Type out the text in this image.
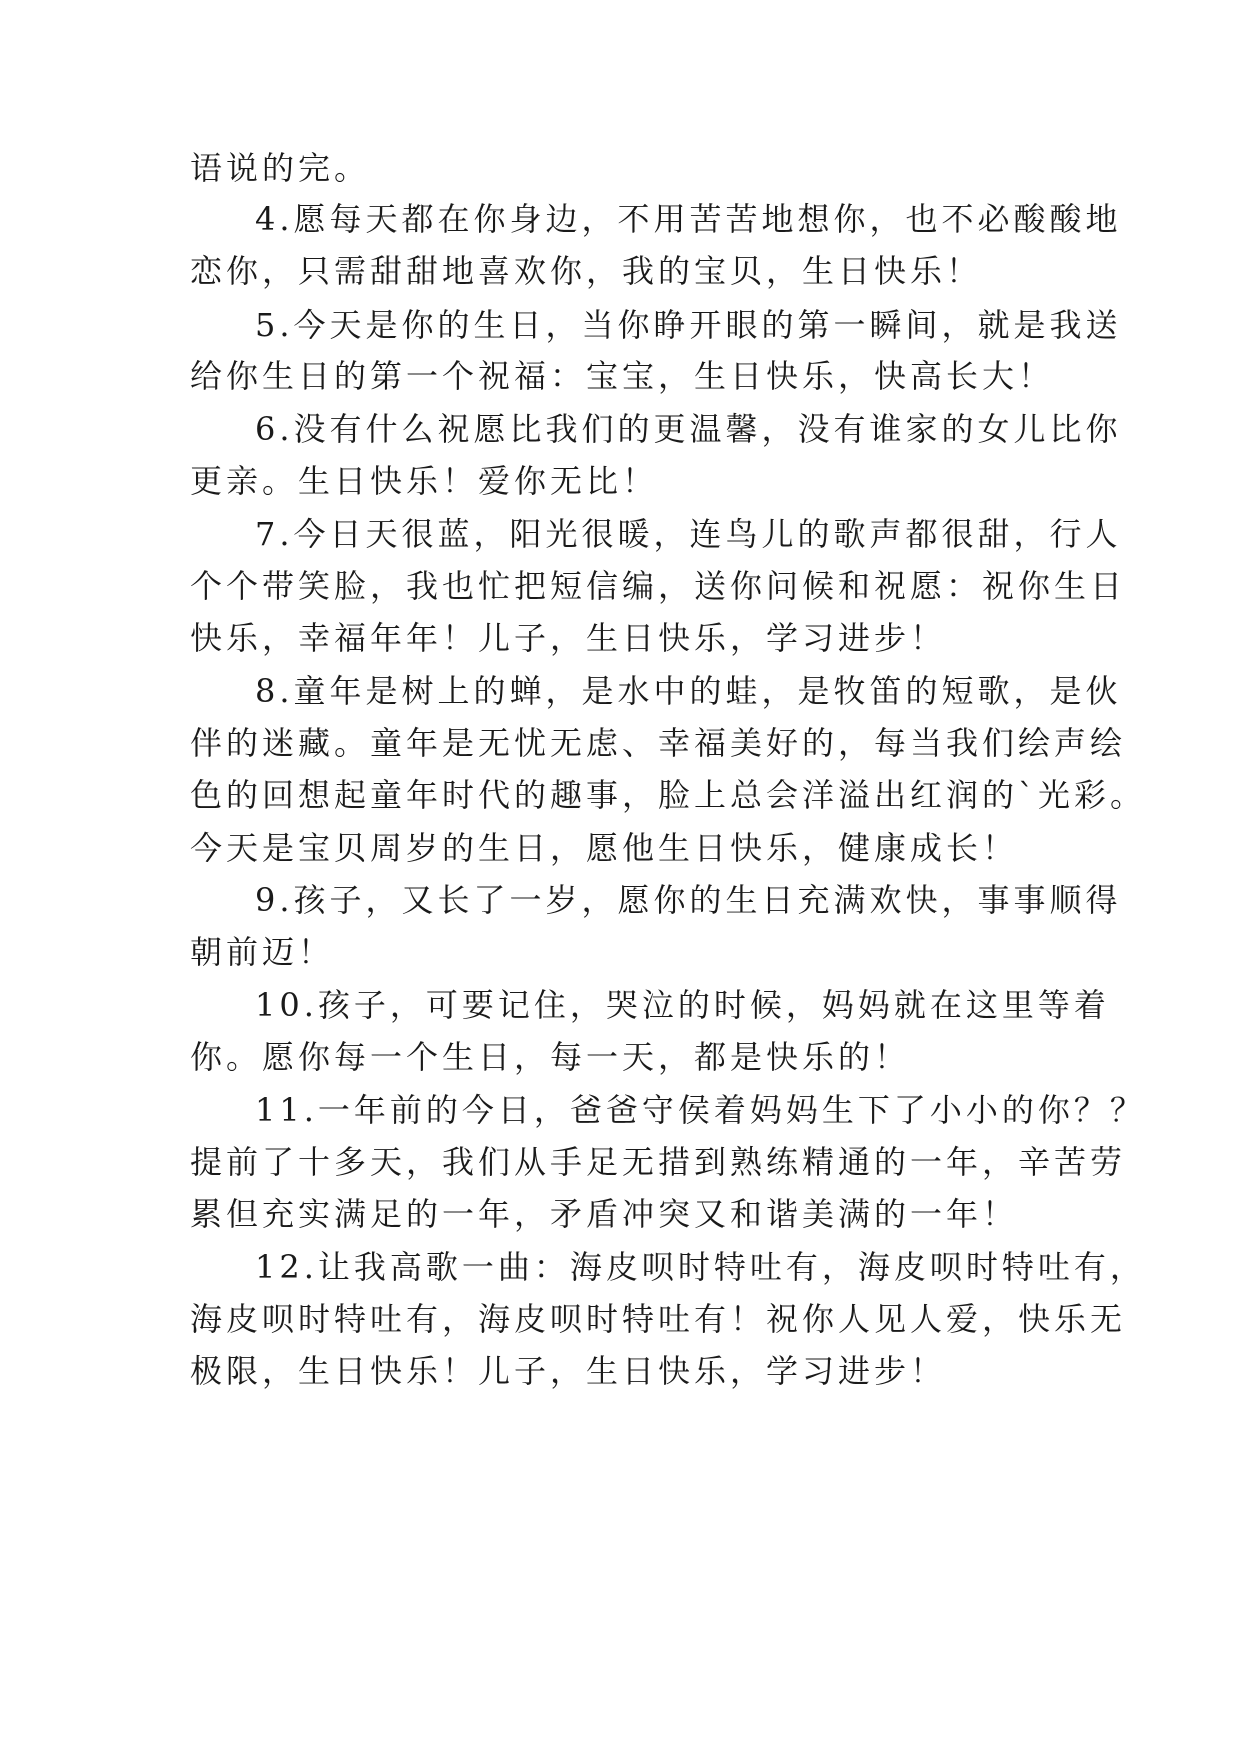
语说的完。
4.愿每天都在你身边，不用苦苦地想你，也不必酸酸地
恋你，只需甜甜地喜欢你，我的宝贝，生日快乐！
5.今天是你的生日，当你睁开眼的第一瞬间，就是我送
给你生日的第一个祝福：宝宝，生日快乐，快高长大！
6.没有什么祝愿比我们的更温馨，没有谁家的女儿比你
更亲。生日快乐！爱你无比！
7.今日天很蓝，阳光很暖，连鸟儿的歌声都很甜，行人
个个带笑脸，我也忙把短信编，送你问候和祝愿：祝你生日
快乐，幸福年年！儿子，生日快乐，学习进步！
8.童年是树上的蝉，是水中的蛙，是牧笛的短歌，是伙
伴的迷藏。童年是无忧无虑、幸福美好的，每当我们绘声绘
色的回想起童年时代的趣事，脸上总会洋溢出红润的`光彩。
今天是宝贝周岁的生日，愿他生日快乐，健康成长！
9.孩子，又长了一岁，愿你的生日充满欢快，事事顺得
朝前迈！
10.孩子，可要记住，哭泣的时候，妈妈就在这里等着
你。愿你每一个生日，每一天，都是快乐的！
11.一年前的今日，爸爸守侯着妈妈生下了小小的你？？
提前了十多天，我们从手足无措到熟练精通的一年，辛苦劳
累但充实满足的一年，矛盾冲突又和谐美满的一年！
12.让我高歌一曲：海皮呗时特吐有，海皮呗时特吐有，
海皮呗时特吐有，海皮呗时特吐有！祝你人见人爱，快乐无
极限，生日快乐！儿子，生日快乐，学习进步！
